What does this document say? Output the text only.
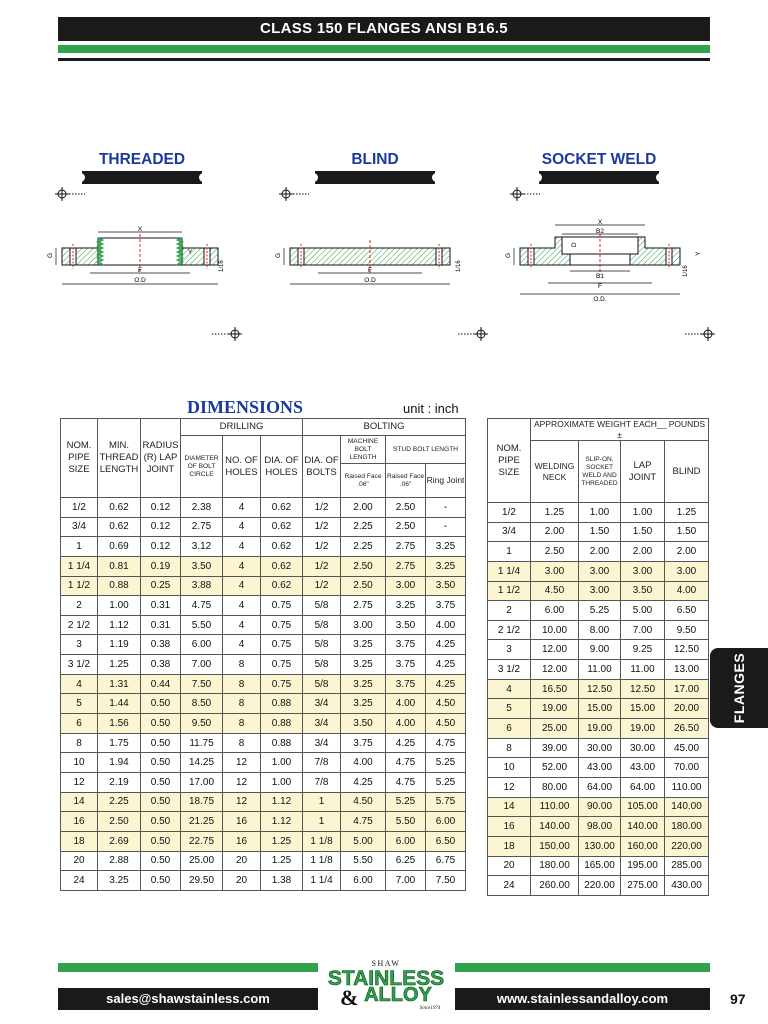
CLASS 150 FLANGES ANSI B16.5
THREADED	BLIND	SOCKET WELD
X
G	Y
F
O.D
1/16
G
F
O.D
1/16
X
B2
D
B1
F
O.D.
G	Y
1/16
DIMENSIONS	unit : inch
NOM. PIPE SIZE	MIN. THREAD LENGTH	RADIUS (R) LAP JOINT	DRILLING			BOLTING			
			DIAMETER OF BOLT CIRCLE	NO. OF HOLES	DIA. OF HOLES	DIA. OF BOLTS	MACHINE BOLT LENGTH	STUD BOLT LENGTH	
							Raised Face .06"	Raised Face .06"	Ring Joint
1/2	0.62	0.12	2.38	4	0.62	1/2	2.00	2.50	-
3/4	0.62	0.12	2.75	4	0.62	1/2	2.25	2.50	-
1	0.69	0.12	3.12	4	0.62	1/2	2.25	2.75	3.25
1 1/4	0.81	0.19	3.50	4	0.62	1/2	2.50	2.75	3.25
1 1/2	0.88	0.25	3.88	4	0.62	1/2	2.50	3.00	3.50
2	1.00	0.31	4.75	4	0.75	5/8	2.75	3.25	3.75
2 1/2	1.12	0.31	5.50	4	0.75	5/8	3.00	3.50	4.00
3	1.19	0.38	6.00	4	0.75	5/8	3.25	3.75	4.25
3 1/2	1.25	0.38	7.00	8	0.75	5/8	3.25	3.75	4.25
4	1.31	0.44	7.50	8	0.75	5/8	3.25	3.75	4.25
5	1.44	0.50	8.50	8	0.88	3/4	3.25	4.00	4.50
6	1.56	0.50	9.50	8	0.88	3/4	3.50	4.00	4.50
8	1.75	0.50	11.75	8	0.88	3/4	3.75	4.25	4.75
10	1.94	0.50	14.25	12	1.00	7/8	4.00	4.75	5.25
12	2.19	0.50	17.00	12	1.00	7/8	4.25	4.75	5.25
14	2.25	0.50	18.75	12	1.12	1	4.50	5.25	5.75
16	2.50	0.50	21.25	16	1.12	1	4.75	5.50	6.00
18	2.69	0.50	22.75	16	1.25	1 1/8	5.00	6.00	6.50
20	2.88	0.50	25.00	20	1.25	1 1/8	5.50	6.25	6.75
24	3.25	0.50	29.50	20	1.38	1 1/4	6.00	7.00	7.50
NOM. PIPE SIZE	APPROXIMATE WEIGHT EACH__ POUNDS ±			
	WELDING NECK	SLIP-ON. SOCKET WELD AND THREADED	LAP JOINT	BLIND
1/2	1.25	1.00	1.00	1.25
3/4	2.00	1.50	1.50	1.50
1	2.50	2.00	2.00	2.00
1 1/4	3.00	3.00	3.00	3.00
1 1/2	4.50	3.00	3.50	4.00
2	6.00	5.25	5.00	6.50
2 1/2	10.00	8.00	7.00	9.50
3	12.00	9.00	9.25	12.50
3 1/2	12.00	11.00	11.00	13.00
4	16.50	12.50	12.50	17.00
5	19.00	15.00	15.00	20.00
6	25.00	19.00	19.00	26.50
8	39.00	30.00	30.00	45.00
10	52.00	43.00	43.00	70.00
12	80.00	64.00	64.00	110.00
14	110.00	90.00	105.00	140.00
16	140.00	98.00	140.00	180.00
18	150.00	130.00	160.00	220.00
20	180.00	165.00	195.00	285.00
24	260.00	220.00	275.00	430.00
FLANGES
sales@shawstainless.com	www.stainlessandalloy.com
SHAW
STAINLESS
& ALLOY
Since1974
97
